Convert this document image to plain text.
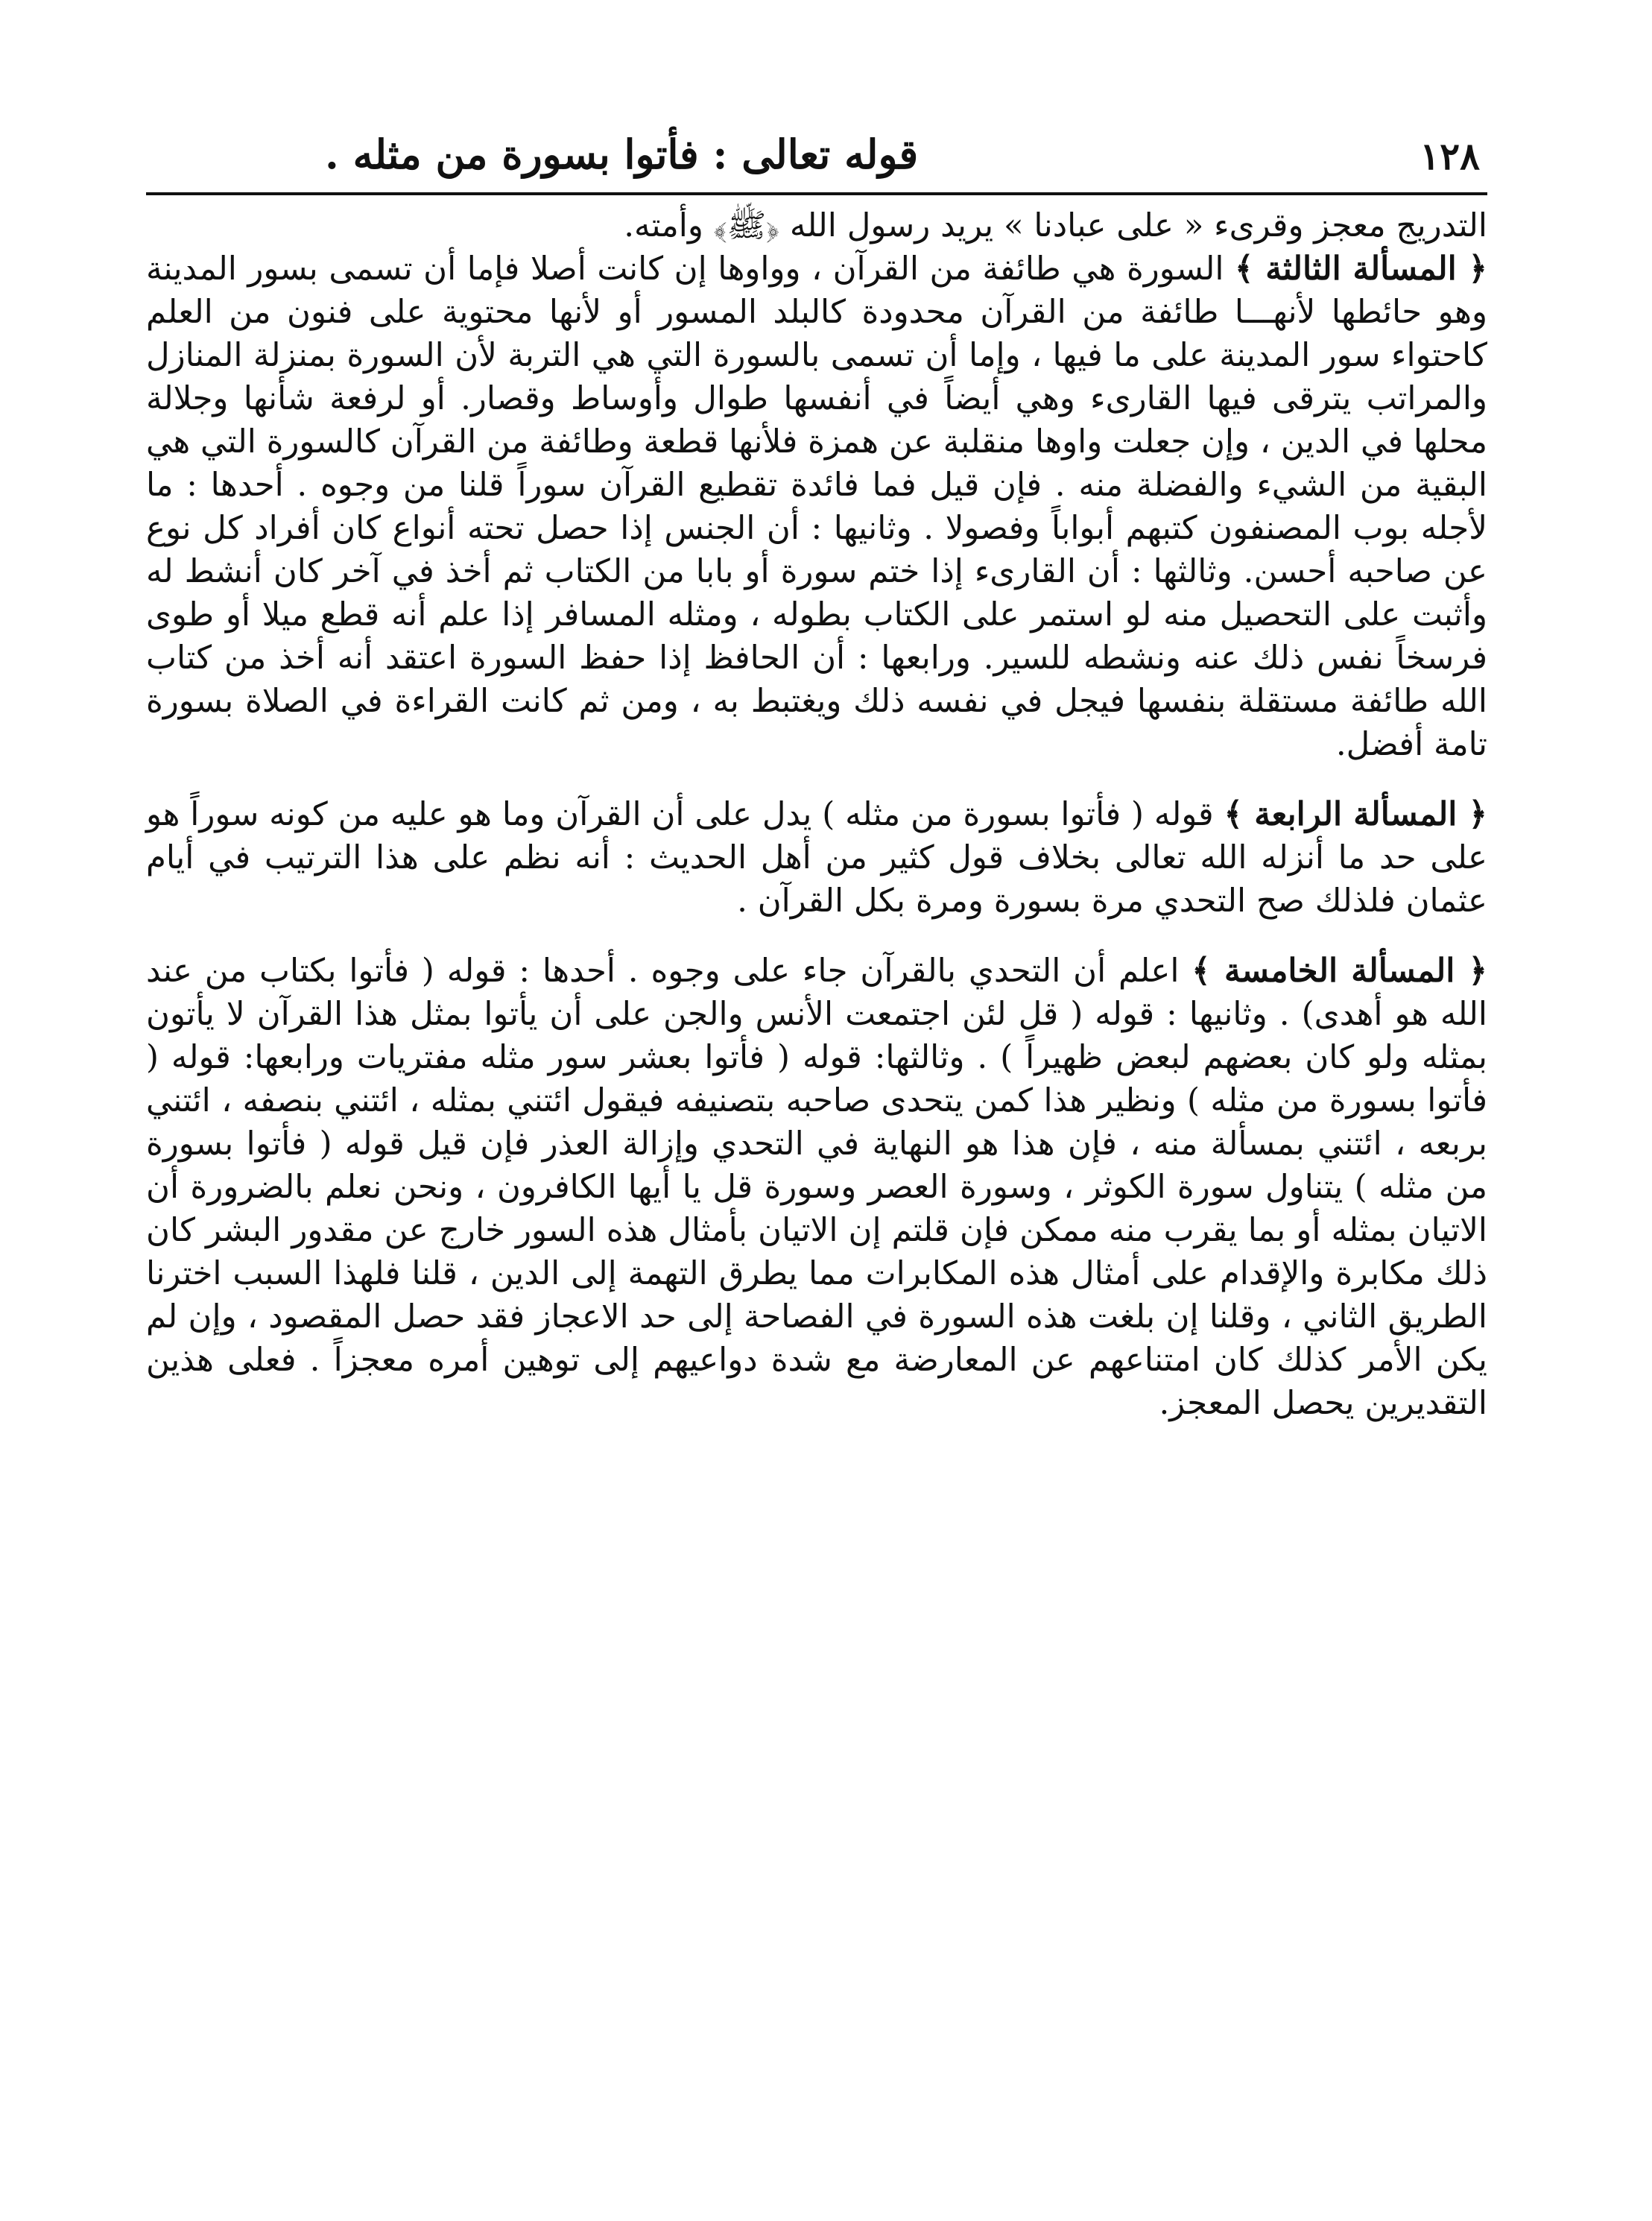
١٢٨
قوله تعالى : فأتوا بسورة من مثله .

التدريج معجز وقرىء « على عبادنا » يريد رسول الله ﴿ﷺ﴾ وأمته.

﴿ المسألة الثالثة ﴾ السورة هي طائفة من القرآن ، وواوها إن كانت أصلا فإما أن تسمى بسور المدينة وهو حائطها لأنهـــا طائفة من القرآن محدودة كالبلد المسور أو لأنها محتوية على فنون من العلم كاحتواء سور المدينة على ما فيها ، وإما أن تسمى بالسورة التي هي التربة لأن السورة بمنزلة المنازل والمراتب يترقى فيها القارىء وهي أيضاً في أنفسها طوال وأوساط وقصار. أو لرفعة شأنها وجلالة محلها في الدين ، وإن جعلت واوها منقلبة عن همزة فلأنها قطعة وطائفة من القرآن كالسورة التي هي البقية من الشيء والفضلة منه . فإن قيل فما فائدة تقطيع القرآن سوراً قلنا من وجوه . أحدها : ما لأجله بوب المصنفون كتبهم أبواباً وفصولا . وثانيها : أن الجنس إذا حصل تحته أنواع كان أفراد كل نوع عن صاحبه أحسن. وثالثها : أن القارىء إذا ختم سورة أو بابا من الكتاب ثم أخذ في آخر كان أنشط له وأثبت على التحصيل منه لو استمر على الكتاب بطوله ، ومثله المسافر إذا علم أنه قطع ميلا أو طوى فرسخاً نفس ذلك عنه ونشطه للسير. ورابعها : أن الحافظ إذا حفظ السورة اعتقد أنه أخذ من كتاب الله طائفة مستقلة بنفسها فيجل في نفسه ذلك ويغتبط به ، ومن ثم كانت القراءة في الصلاة بسورة تامة أفضل.

﴿ المسألة الرابعة ﴾ قوله ( فأتوا بسورة من مثله ) يدل على أن القرآن وما هو عليه من كونه سوراً هو على حد ما أنزله الله تعالى بخلاف قول كثير من أهل الحديث : أنه نظم على هذا الترتيب في أيام عثمان فلذلك صح التحدي مرة بسورة ومرة بكل القرآن .

﴿ المسألة الخامسة ﴾ اعلم أن التحدي بالقرآن جاء على وجوه . أحدها : قوله ( فأتوا بكتاب من عند الله هو أهدى) . وثانيها : قوله ( قل لئن اجتمعت الأنس والجن على أن يأتوا بمثل هذا القرآن لا يأتون بمثله ولو كان بعضهم لبعض ظهيراً ) . وثالثها: قوله ( فأتوا بعشر سور مثله مفتريات ورابعها: قوله ( فأتوا بسورة من مثله ) ونظير هذا كمن يتحدى صاحبه بتصنيفه فيقول ائتني بمثله ، ائتني بنصفه ، ائتني بربعه ، ائتني بمسألة منه ، فإن هذا هو النهاية في التحدي وإزالة العذر فإن قيل قوله ( فأتوا بسورة من مثله ) يتناول سورة الكوثر ، وسورة العصر وسورة قل يا أيها الكافرون ، ونحن نعلم بالضرورة أن الاتيان بمثله أو بما يقرب منه ممكن فإن قلتم إن الاتيان بأمثال هذه السور خارج عن مقدور البشر كان ذلك مكابرة والإقدام على أمثال هذه المكابرات مما يطرق التهمة إلى الدين ، قلنا فلهذا السبب اخترنا الطريق الثاني ، وقلنا إن بلغت هذه السورة في الفصاحة إلى حد الاعجاز فقد حصل المقصود ، وإن لم يكن الأمر كذلك كان امتناعهم عن المعارضة مع شدة دواعيهم إلى توهين أمره معجزاً . فعلى هذين التقديرين يحصل المعجز.
